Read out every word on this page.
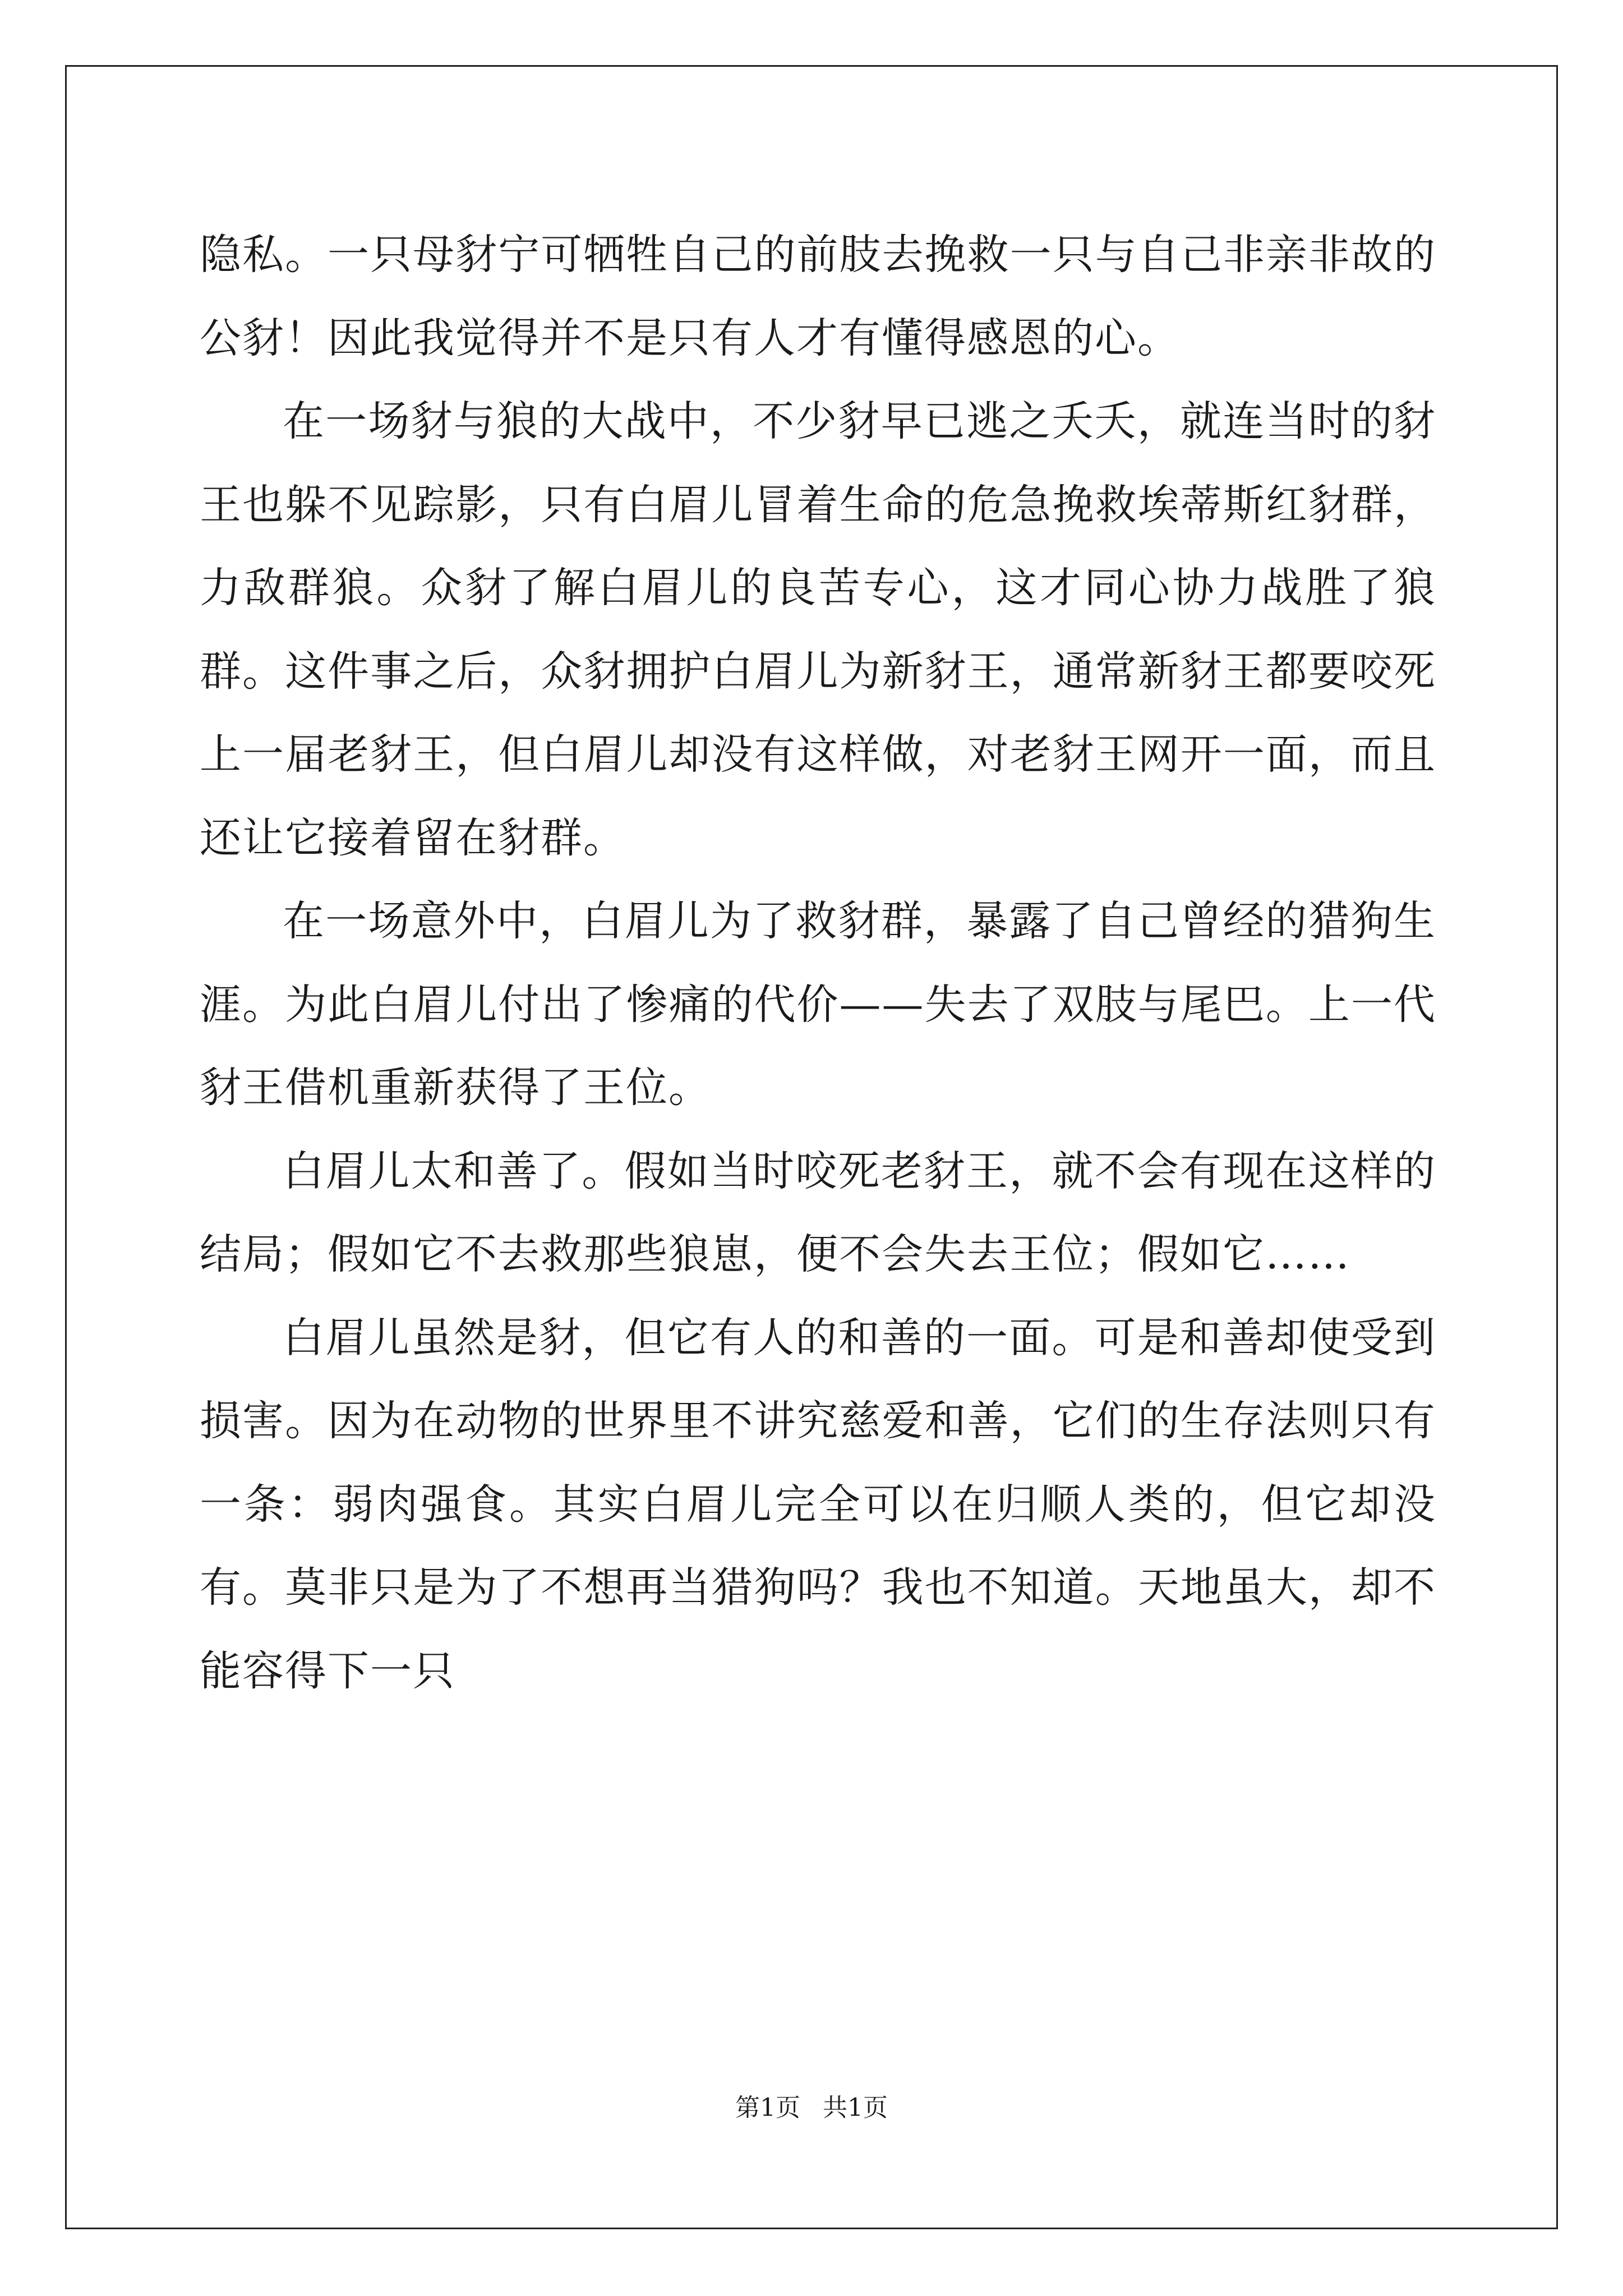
隐私。一只母豺宁可牺牲自己的前肢去挽救一只与自己非亲非故的公豺！因此我觉得并不是只有人才有懂得感恩的心。

在一场豺与狼的大战中，不少豺早已逃之夭夭，就连当时的豺王也躲不见踪影，只有白眉儿冒着生命的危急挽救埃蒂斯红豺群，力敌群狼。众豺了解白眉儿的良苦专心，这才同心协力战胜了狼群。这件事之后，众豺拥护白眉儿为新豺王，通常新豺王都要咬死上一届老豺王，但白眉儿却没有这样做，对老豺王网开一面，而且还让它接着留在豺群。

在一场意外中，白眉儿为了救豺群，暴露了自己曾经的猎狗生涯。为此白眉儿付出了惨痛的代价——失去了双肢与尾巴。上一代豺王借机重新获得了王位。

白眉儿太和善了。假如当时咬死老豺王，就不会有现在这样的结局；假如它不去救那些狼崽，便不会失去王位；假如它……

白眉儿虽然是豺，但它有人的和善的一面。可是和善却使受到损害。因为在动物的世界里不讲究慈爱和善，它们的生存法则只有一条：弱肉强食。其实白眉儿完全可以在归顺人类的，但它却没有。莫非只是为了不想再当猎狗吗？我也不知道。天地虽大，却不能容得下一只

第1页 共1页
